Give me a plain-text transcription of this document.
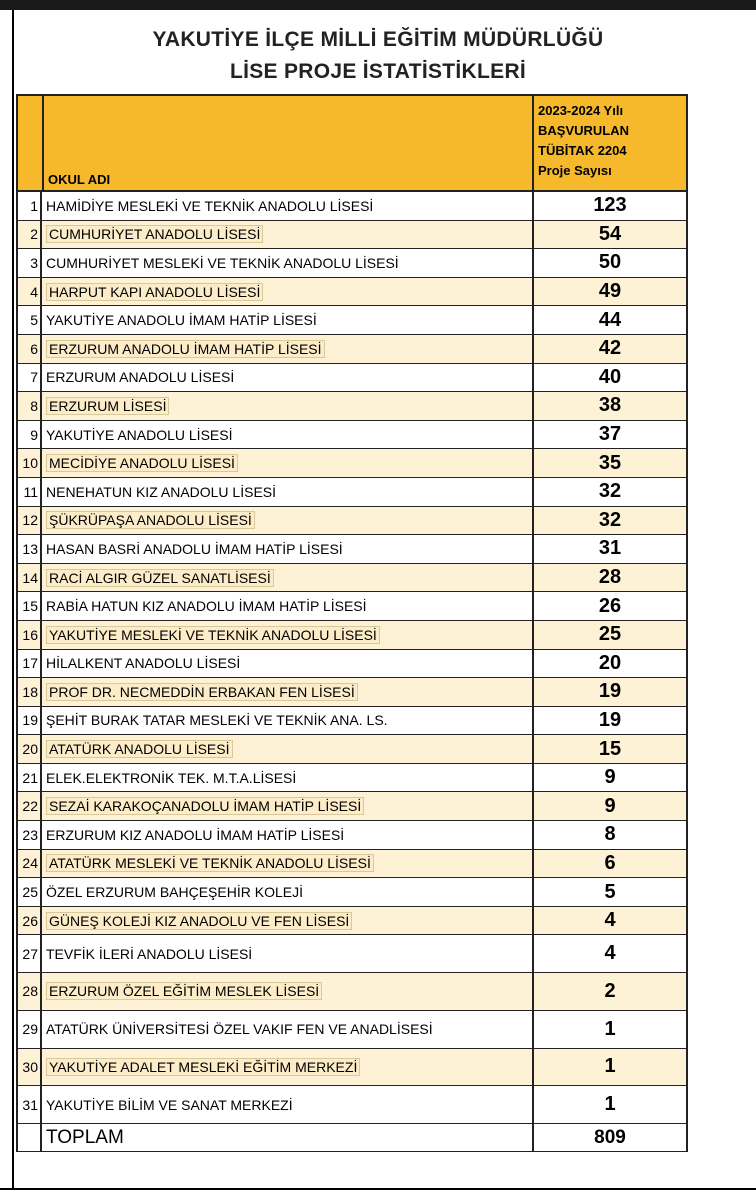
YAKUTİYE İLÇE MİLLİ EĞİTİM MÜDÜRLÜĞÜ
LİSE PROJE İSTATİSTİKLERİ
OKUL ADI
2023-2024 Yılı
BAŞVURULAN
TÜBİTAK 2204
Proje Sayısı
1 HAMİDİYE MESLEKİ VE TEKNİK ANADOLU LİSESİ	123
2 CUMHURİYET ANADOLU LİSESİ	54
3 CUMHURİYET MESLEKİ VE TEKNİK ANADOLU LİSESİ	50
4 HARPUT KAPI ANADOLU LİSESİ	49
5 YAKUTİYE ANADOLU İMAM HATİP LİSESİ	44
6 ERZURUM ANADOLU İMAM HATİP LİSESİ	42
7 ERZURUM ANADOLU LİSESİ	40
8 ERZURUM LİSESİ	38
9 YAKUTİYE ANADOLU LİSESİ	37
10 MECİDİYE ANADOLU LİSESİ	35
11 NENEHATUN KIZ ANADOLU LİSESİ	32
12 ŞÜKRÜPAŞA ANADOLU LİSESİ	32
13 HASAN BASRİ ANADOLU İMAM HATİP LİSESİ	31
14 RACİ ALGIR GÜZEL SANATLİSESİ	28
15 RABİA HATUN KIZ ANADOLU İMAM HATİP LİSESİ	26
16 YAKUTİYE MESLEKİ VE TEKNİK ANADOLU LİSESİ	25
17 HİLALKENT ANADOLU LİSESİ	20
18 PROF DR. NECMEDDİN ERBAKAN FEN LİSESİ	19
19 ŞEHİT BURAK TATAR MESLEKİ VE TEKNİK ANA. LS.	19
20 ATATÜRK ANADOLU LİSESİ	15
21 ELEK.ELEKTRONİK TEK. M.T.A.LİSESİ	9
22 SEZAİ KARAKOÇANADOLU İMAM HATİP LİSESİ	9
23 ERZURUM KIZ ANADOLU İMAM HATİP LİSESİ	8
24 ATATÜRK MESLEKİ VE TEKNİK ANADOLU LİSESİ	6
25 ÖZEL ERZURUM BAHÇEŞEHİR KOLEJİ	5
26 GÜNEŞ KOLEJİ KIZ ANADOLU VE FEN LİSESİ	4
27 TEVFİK İLERİ ANADOLU LİSESİ	4
28 ERZURUM ÖZEL EĞİTİM MESLEK LİSESİ	2
29 ATATÜRK ÜNİVERSİTESİ ÖZEL VAKIF FEN VE ANADLİSESİ	1
30 YAKUTİYE ADALET MESLEKİ EĞİTİM MERKEZİ	1
31 YAKUTİYE BİLİM VE SANAT MERKEZİ	1
TOPLAM	809
